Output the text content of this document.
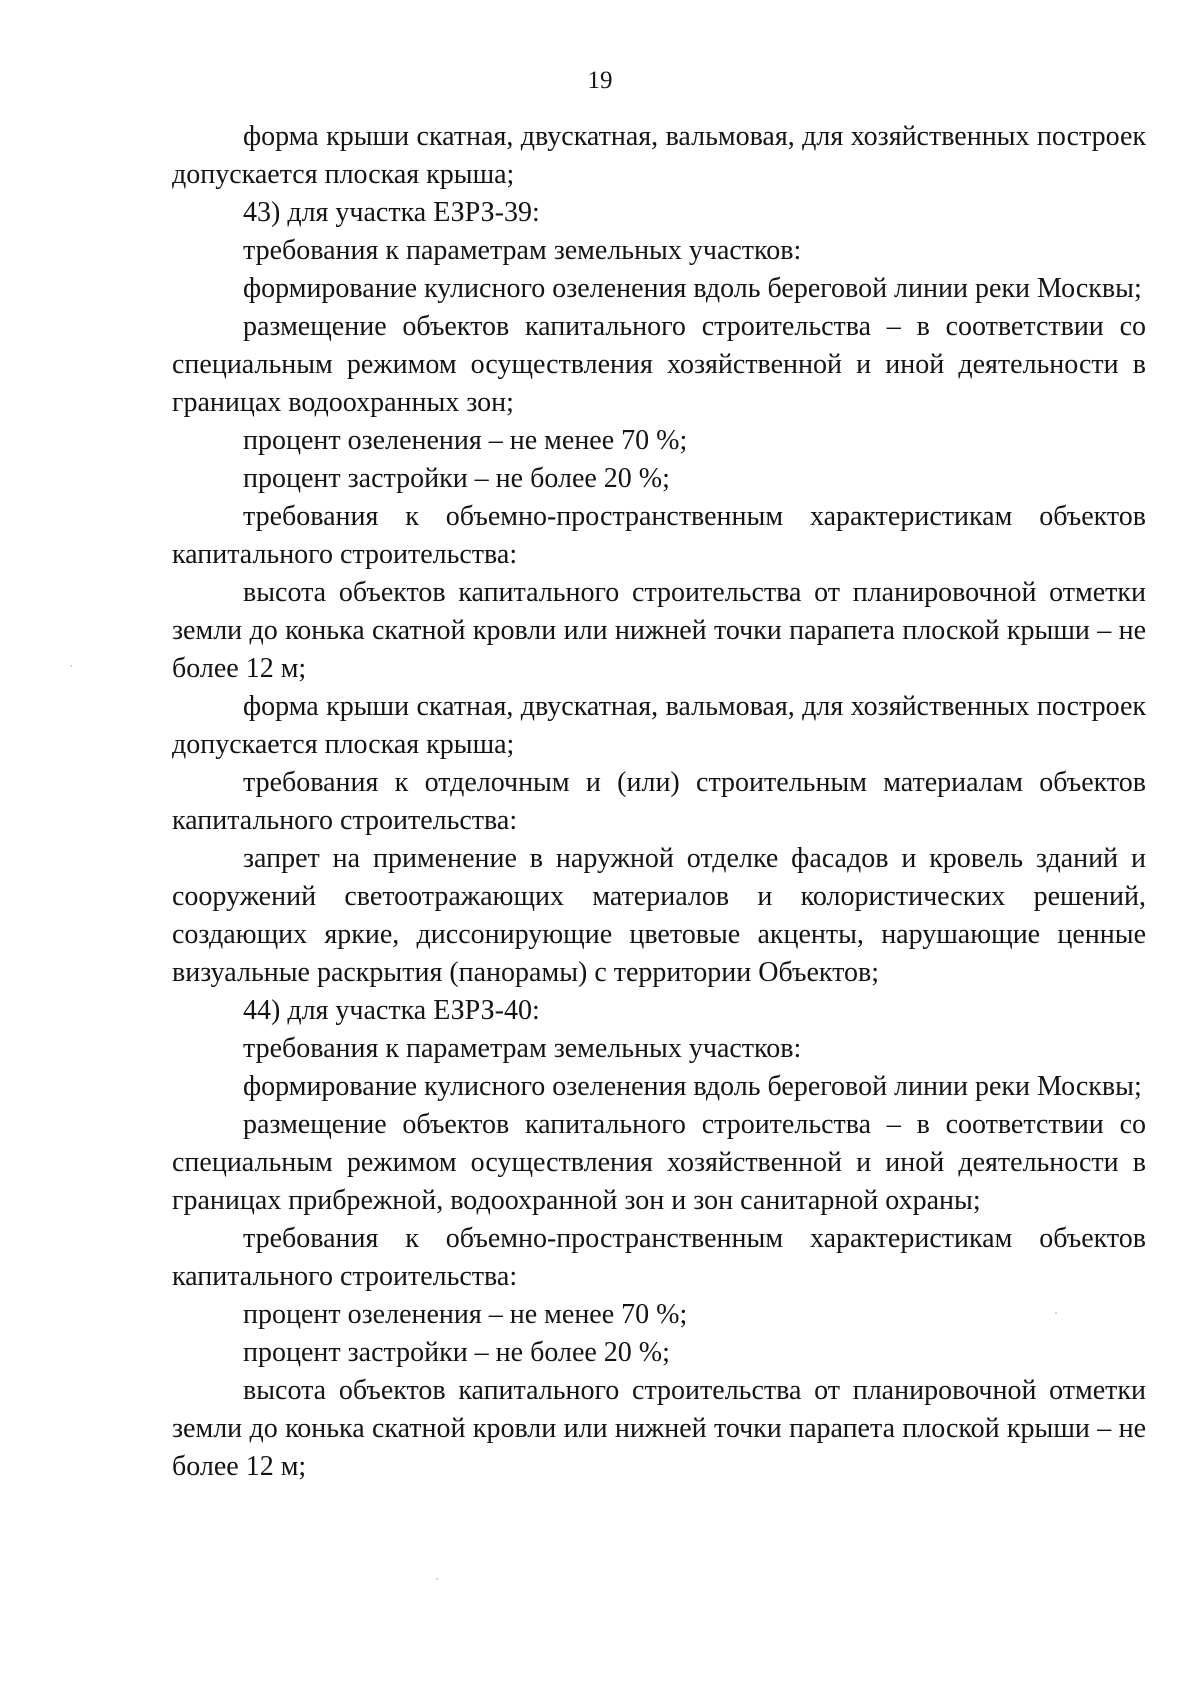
19

форма крыши скатная, двускатная, вальмовая, для хозяйственных построек допускается плоская крыша;

43) для участка ЕЗРЗ-39:

требования к параметрам земельных участков:

формирование кулисного озеленения вдоль береговой линии реки Москвы;

размещение объектов капитального строительства – в соответствии со специальным режимом осуществления хозяйственной и иной деятельности в границах водоохранных зон;

процент озеленения – не менее 70 %;

процент застройки – не более 20 %;

требования к объемно-пространственным характеристикам объектов капитального строительства:

высота объектов капитального строительства от планировочной отметки земли до конька скатной кровли или нижней точки парапета плоской крыши – не более 12 м;

форма крыши скатная, двускатная, вальмовая, для хозяйственных построек допускается плоская крыша;

требования к отделочным и (или) строительным материалам объектов капитального строительства:

запрет на применение в наружной отделке фасадов и кровель зданий и сооружений светоотражающих материалов и колористических решений, создающих яркие, диссонирующие цветовые акценты, нарушающие ценные визуальные раскрытия (панорамы) с территории Объектов;

44) для участка ЕЗРЗ-40:

требования к параметрам земельных участков:

формирование кулисного озеленения вдоль береговой линии реки Москвы;

размещение объектов капитального строительства – в соответствии со специальным режимом осуществления хозяйственной и иной деятельности в границах прибрежной, водоохранной зон и зон санитарной охраны;

требования к объемно-пространственным характеристикам объектов капитального строительства:

процент озеленения – не менее 70 %;

процент застройки – не более 20 %;

высота объектов капитального строительства от планировочной отметки земли до конька скатной кровли или нижней точки парапета плоской крыши – не более 12 м;
